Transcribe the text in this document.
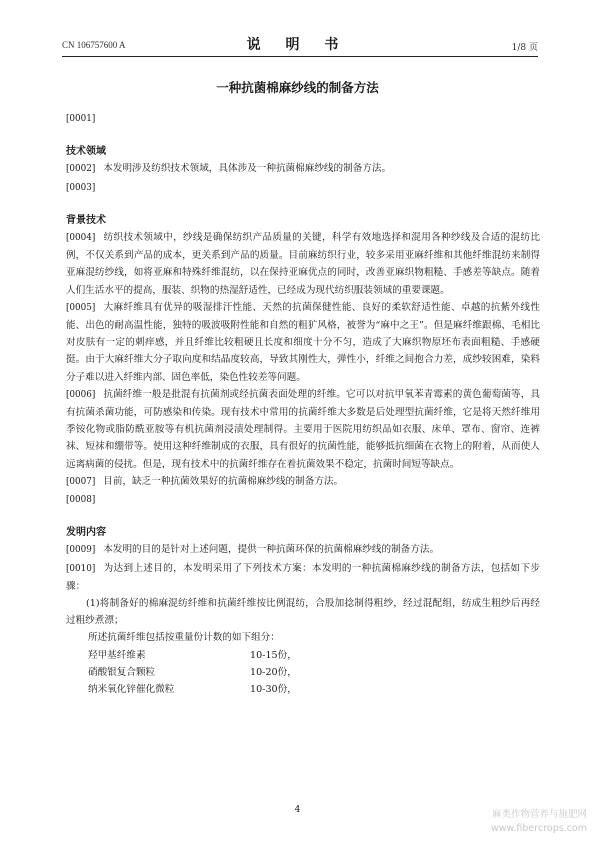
CN 106757600 A	说 明 书	1/8 页
一种抗菌棉麻纱线的制备方法

[0001]

技术领域

[0002] 本发明涉及纺织技术领域，具体涉及一种抗菌棉麻纱线的制备方法。

[0003]

背景技术

[0004] 纺织技术领域中，纱线是确保纺织产品质量的关键，科学有效地选择和混用各种纱线及合适的混纺比例，不仅关系到产品的成本，更关系到产品的质量。目前麻纺织行业，较多采用亚麻纤维和其他纤维混纺来制得亚麻混纺纱线，如将亚麻和特殊纤维混纺，以在保持亚麻优点的同时，改善亚麻织物粗糙、手感差等缺点。随着人们生活水平的提高，服装、织物的热湿舒适性，已经成为现代纺织服装领域的重要课题。

[0005] 大麻纤维具有优异的吸湿排汗性能、天然的抗菌保健性能、良好的柔软舒适性能、卓越的抗紫外线性能、出色的耐高温性能，独特的吸波吸附性能和自然的粗犷风格，被誉为“麻中之王”。但是麻纤维跟棉、毛相比对皮肤有一定的刺痒感，并且纤维比较粗硬且长度和细度十分不匀，造成了大麻织物原坯布表面粗糙、手感硬挺。由于大麻纤维大分子取向度和结晶度较高，导致其刚性大，弹性小，纤维之间抱合力差，成纱较困难，染料分子难以进入纤维内部、固色率低，染色性较差等问题。

[0006] 抗菌纤维一般是批混有抗菌剂或经抗菌表面处理的纤维。它可以对抗甲氧苯青霉素的黄色葡萄菌等，具有抗菌杀菌功能，可防感染和传染。现有技术中常用的抗菌纤维大多数是后处理型抗菌纤维，它是将天然纤维用季铵化物或脂防酰亚胺等有机抗菌剂浸渍处理制得。主要用于医院用纺织品如衣服、床单、罩布、窗帘、连裤袜、短袜和绷带等。使用这种纤维制成的衣服，具有很好的抗菌性能，能够抵抗细菌在衣物上的附着，从而使人远离病菌的侵扰。但是，现有技术中的抗菌纤维存在着抗菌效果不稳定，抗菌时间短等缺点。

[0007] 目前，缺乏一种抗菌效果好的抗菌棉麻纱线的制备方法。

[0008]

发明内容

[0009] 本发明的目的是针对上述问题，提供一种抗菌环保的抗菌棉麻纱线的制备方法。

[0010] 为达到上述目的，本发明采用了下列技术方案：本发明的一种抗菌棉麻纱线的制备方法，包括如下步骤：

(1)将制备好的棉麻混纺纤维和抗菌纤维按比例混纺，合股加捻制得粗纱，经过混配组，纺成生粗纱后再经过粗纱煮漂；

所述抗菌纤维包括按重量份计数的如下组分：
羟甲基纤维素	10-15份，
硝酸银复合颗粒	10-20份，
纳米氧化锌催化微粒	10-30份，
4	麻类作物营养与施肥网
www.fibercrops.com
